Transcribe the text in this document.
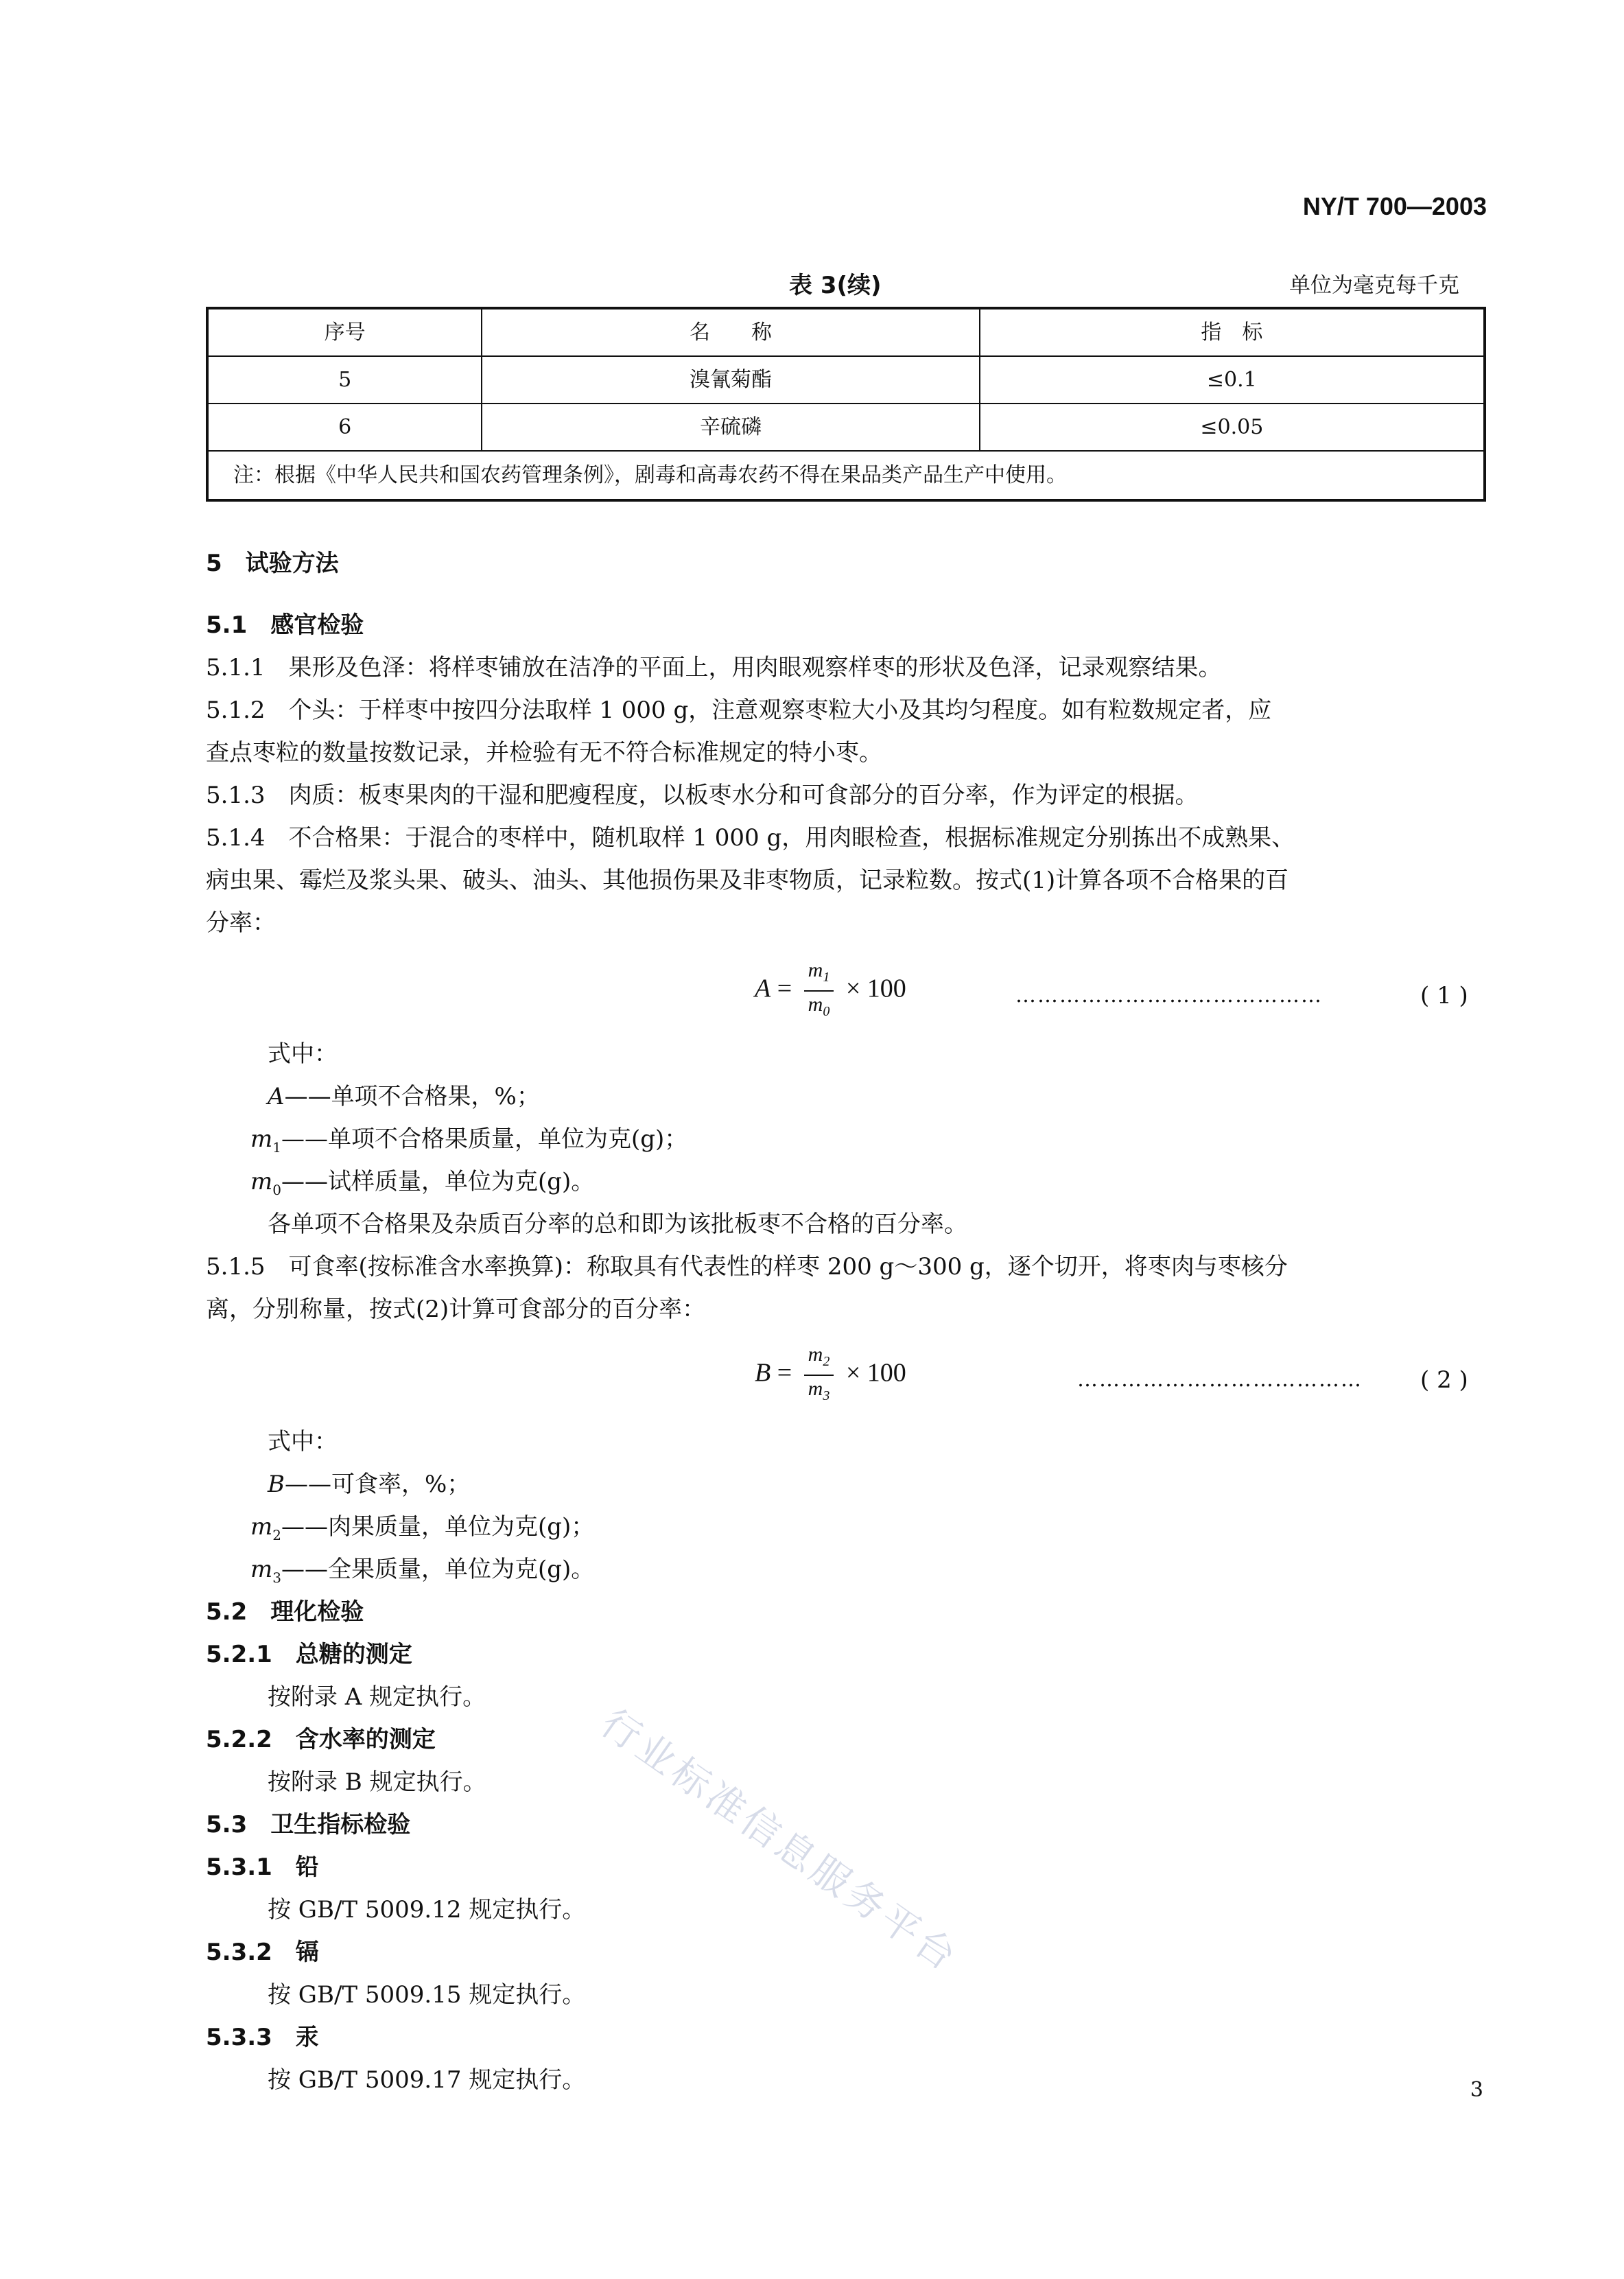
NY/T 700—2003
表 3(续)	单位为毫克每千克
序号	名　　称	指　标
5	溴氰菊酯	≤0.1
6	辛硫磷	≤0.05
注：根据《中华人民共和国农药管理条例》，剧毒和高毒农药不得在果品类产品生产中使用。		
5　试验方法
5.1　感官检验
5.1.1　果形及色泽：将样枣铺放在洁净的平面上，用肉眼观察样枣的形状及色泽，记录观察结果。
5.1.2　个头：于样枣中按四分法取样 1 000 g，注意观察枣粒大小及其均匀程度。如有粒数规定者，应
查点枣粒的数量按数记录，并检验有无不符合标准规定的特小枣。
5.1.3　肉质：板枣果肉的干湿和肥瘦程度，以板枣水分和可食部分的百分率，作为评定的根据。
5.1.4　不合格果：于混合的枣样中，随机取样 1 000 g，用肉眼检查，根据标准规定分别拣出不成熟果、
病虫果、霉烂及浆头果、破头、油头、其他损伤果及非枣物质，记录粒数。按式(1)计算各项不合格果的百
分率：
$A = \frac{m_1}{m_0} \times 100$	……………………………………	( 1 )
式中：
A——单项不合格果，%；
$m_1——$单项不合格果质量，单位为克(g)；
$m_0——$试样质量，单位为克(g)。
各单项不合格果及杂质百分率的总和即为该批板枣不合格的百分率。
5.1.5　可食率(按标准含水率换算)：称取具有代表性的样枣 200 g～300 g，逐个切开，将枣肉与枣核分
离，分别称量，按式(2)计算可食部分的百分率：
$B = \frac{m_2}{m_3} \times 100$	………………………………… ( 2 )
式中：
B——可食率，%；
$m_2——$肉果质量，单位为克(g)；
$m_3——$全果质量，单位为克(g)。
5.2　理化检验
5.2.1　总糖的测定
按附录 A 规定执行。
5.2.2　含水率的测定
按附录 B 规定执行。
5.3　卫生指标检验
5.3.1　铅
按 GB/T 5009.12 规定执行。
5.3.2　镉
按 GB/T 5009.15 规定执行。
5.3.3　汞
按 GB/T 5009.17 规定执行。
行业标准信息服务平台
3
